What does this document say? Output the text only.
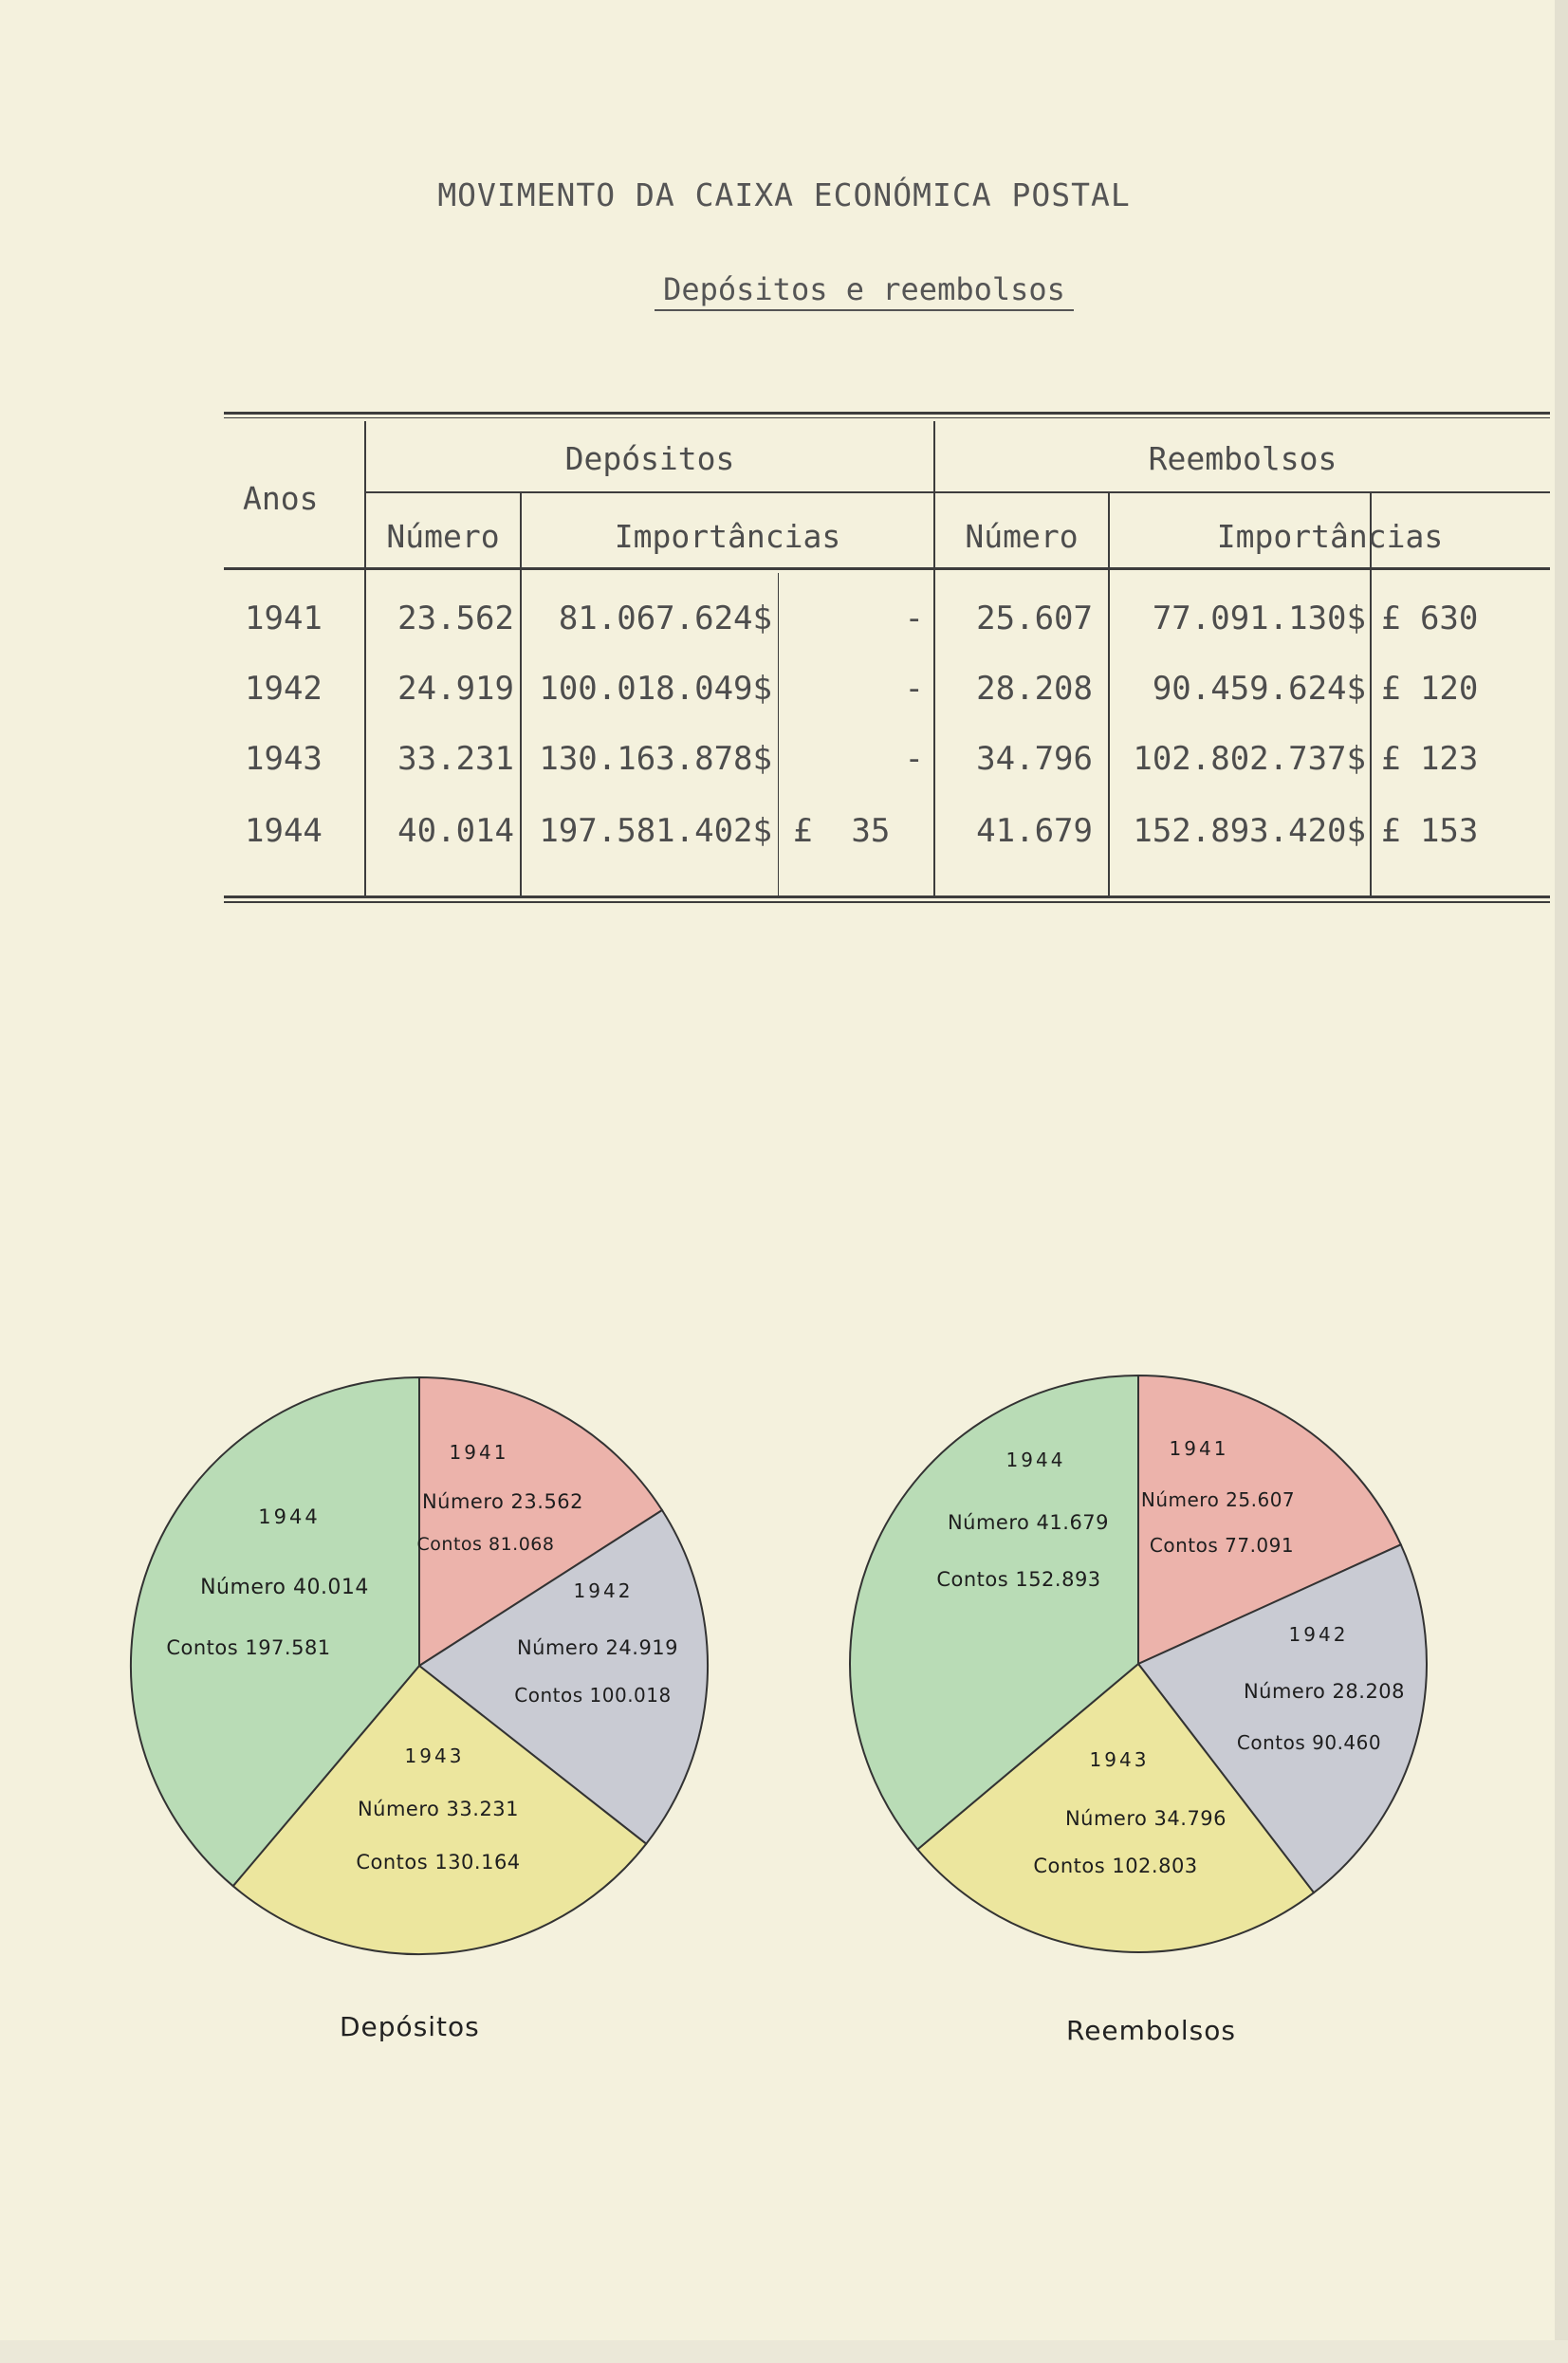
MOVIMENTO DA CAIXA ECONÓMICA POSTAL
Depósitos e reembolsos
Anos
Depósitos	Reembolsos
Número	Importâncias	Número	Importâncias
1941	23.562	81.067.624$	-	25.607	77.091.130$ £ 630
1942	24.919 100.018.049$	-	28.208	90.459.624$ £ 120
1943	33.231 130.163.878$	-	34.796	102.802.737$ £ 123
1944	40.014 197.581.402$ £  35	41.679	152.893.420$ £ 153
1941
Número 23.562
Contos 81.068
1942
Número 24.919
Contos 100.018
1943
Número 33.231
Contos 130.164
1944
Número 40.014
Contos 197.581
1941
Número 25.607
Contos 77.091
1942
Número 28.208
Contos 90.460
1943
Número 34.796
Contos 102.803
1944
Número 41.679
Contos 152.893
Depósitos	Reembolsos
